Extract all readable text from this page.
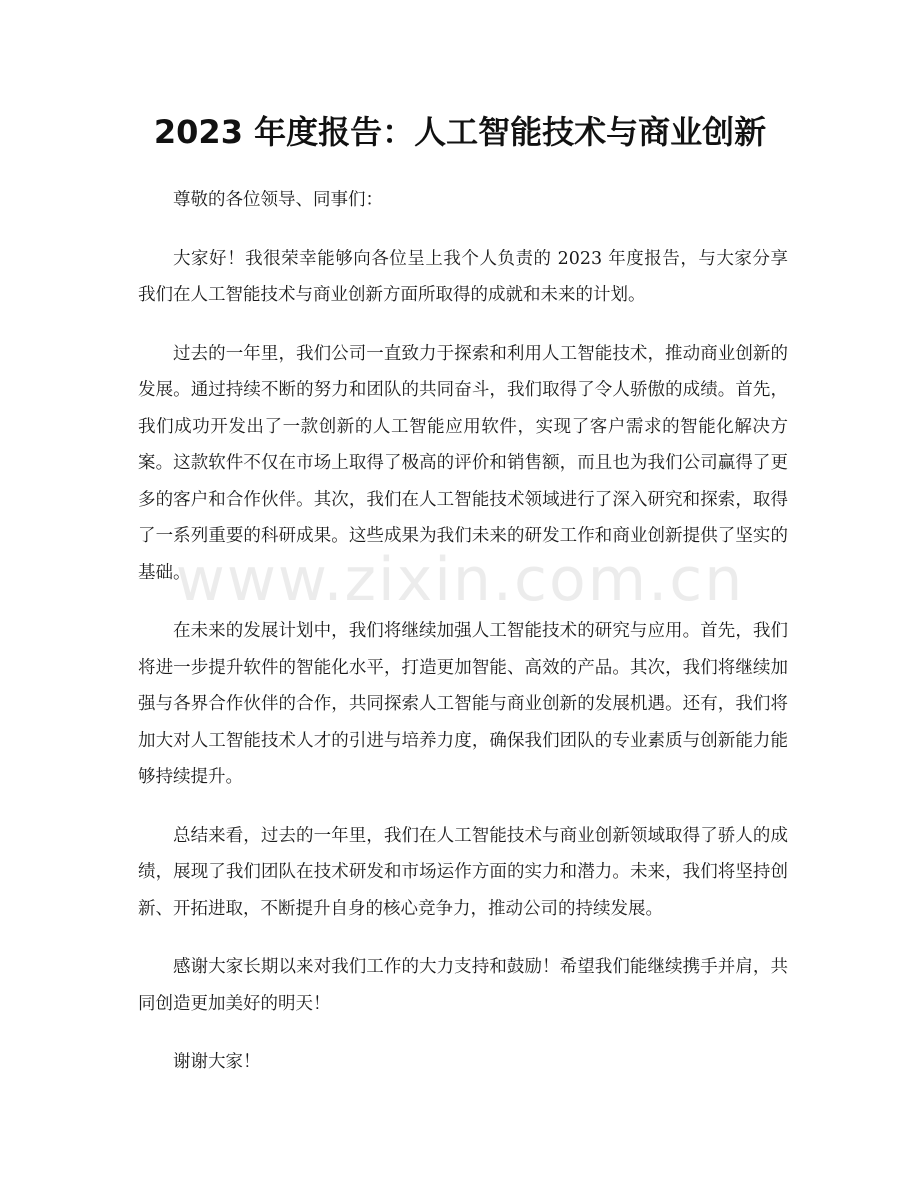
2023 年度报告：人工智能技术与商业创新

尊敬的各位领导、同事们：

大家好！我很荣幸能够向各位呈上我个人负责的 2023 年度报告，与大家分享我们在人工智能技术与商业创新方面所取得的成就和未来的计划。

过去的一年里，我们公司一直致力于探索和利用人工智能技术，推动商业创新的发展。通过持续不断的努力和团队的共同奋斗，我们取得了令人骄傲的成绩。首先，我们成功开发出了一款创新的人工智能应用软件，实现了客户需求的智能化解决方案。这款软件不仅在市场上取得了极高的评价和销售额，而且也为我们公司赢得了更多的客户和合作伙伴。其次，我们在人工智能技术领域进行了深入研究和探索，取得了一系列重要的科研成果。这些成果为我们未来的研发工作和商业创新提供了坚实的基础。

在未来的发展计划中，我们将继续加强人工智能技术的研究与应用。首先，我们将进一步提升软件的智能化水平，打造更加智能、高效的产品。其次，我们将继续加强与各界合作伙伴的合作，共同探索人工智能与商业创新的发展机遇。还有，我们将加大对人工智能技术人才的引进与培养力度，确保我们团队的专业素质与创新能力能够持续提升。

总结来看，过去的一年里，我们在人工智能技术与商业创新领域取得了骄人的成绩，展现了我们团队在技术研发和市场运作方面的实力和潜力。未来，我们将坚持创新、开拓进取，不断提升自身的核心竞争力，推动公司的持续发展。

感谢大家长期以来对我们工作的大力支持和鼓励！希望我们能继续携手并肩，共同创造更加美好的明天！

谢谢大家！

www.zixin.com.cn
